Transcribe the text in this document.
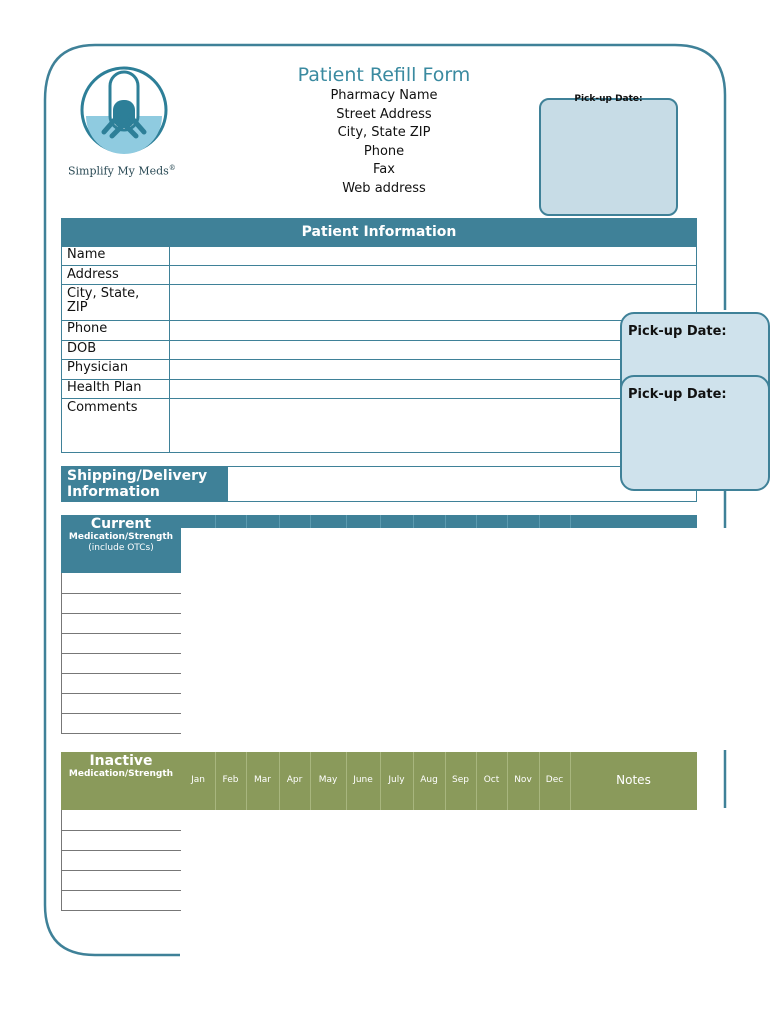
Simplify My Meds®
Patient Refill Form
Pharmacy Name
Street Address
City, State ZIP
Phone
Fax
Web address
Pick-up Date:
Patient Information
Name
Address
City, State, ZIP
Phone
DOB
Physician
Health Plan
Comments
Shipping/Delivery Information
Pick-up Date:
Pick-up Date:
Current
Medication/Strength
(include OTCs)
Inactive
Medication/Strength
Jan	Feb	Mar	Apr	May	June	July	Aug	Sep	Oct	Nov	Dec	Notes
